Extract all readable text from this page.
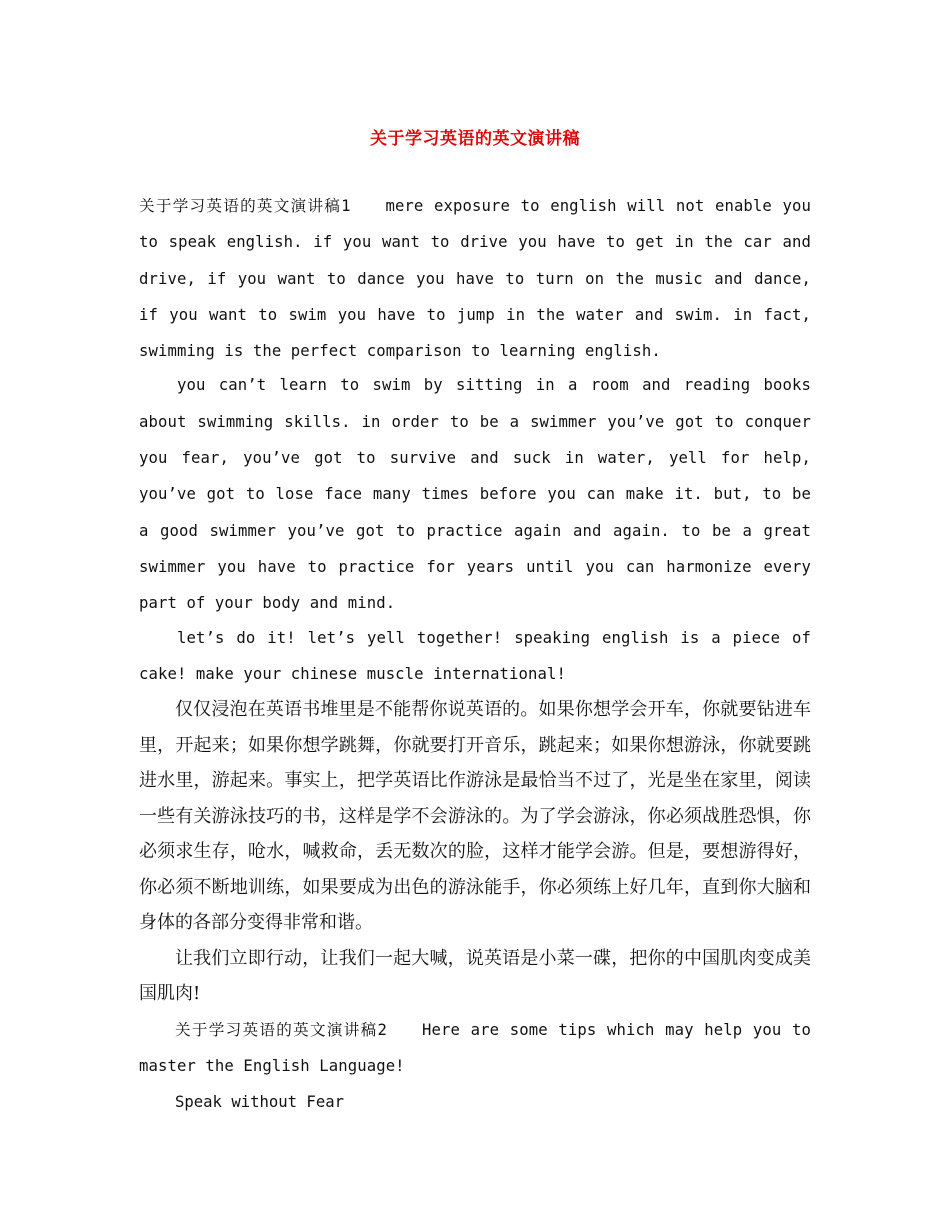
关于学习英语的英文演讲稿

关于学习英语的英文演讲稿1　　mere exposure to english will not enable you to speak english. if you want to drive you have to get in the car and drive, if you want to dance you have to turn on the music and dance, if you want to swim you have to jump in the water and swim. in fact, swimming is the perfect comparison to learning english.

you can’t learn to swim by sitting in a room and reading books about swimming skills. in order to be a swimmer you’ve got to conquer you fear, you’ve got to survive and suck in water, yell for help, you’ve got to lose face many times before you can make it. but, to be a good swimmer you’ve got to practice again and again. to be a great swimmer you have to practice for years until you can harmonize every part of your body and mind.

let’s do it! let’s yell together! speaking english is a piece of cake! make your chinese muscle international!

仅仅浸泡在英语书堆里是不能帮你说英语的。如果你想学会开车，你就要钻进车里，开起来；如果你想学跳舞，你就要打开音乐，跳起来；如果你想游泳，你就要跳进水里，游起来。事实上，把学英语比作游泳是最恰当不过了，光是坐在家里，阅读一些有关游泳技巧的书，这样是学不会游泳的。为了学会游泳，你必须战胜恐惧，你必须求生存，呛水，喊救命，丢无数次的脸，这样才能学会游。但是，要想游得好，你必须不断地训练，如果要成为出色的游泳能手，你必须练上好几年，直到你大脑和身体的各部分变得非常和谐。

让我们立即行动，让我们一起大喊，说英语是小菜一碟，把你的中国肌肉变成美国肌肉!

关于学习英语的英文演讲稿2　　Here are some tips which may help you to master the English Language!

Speak without Fear
